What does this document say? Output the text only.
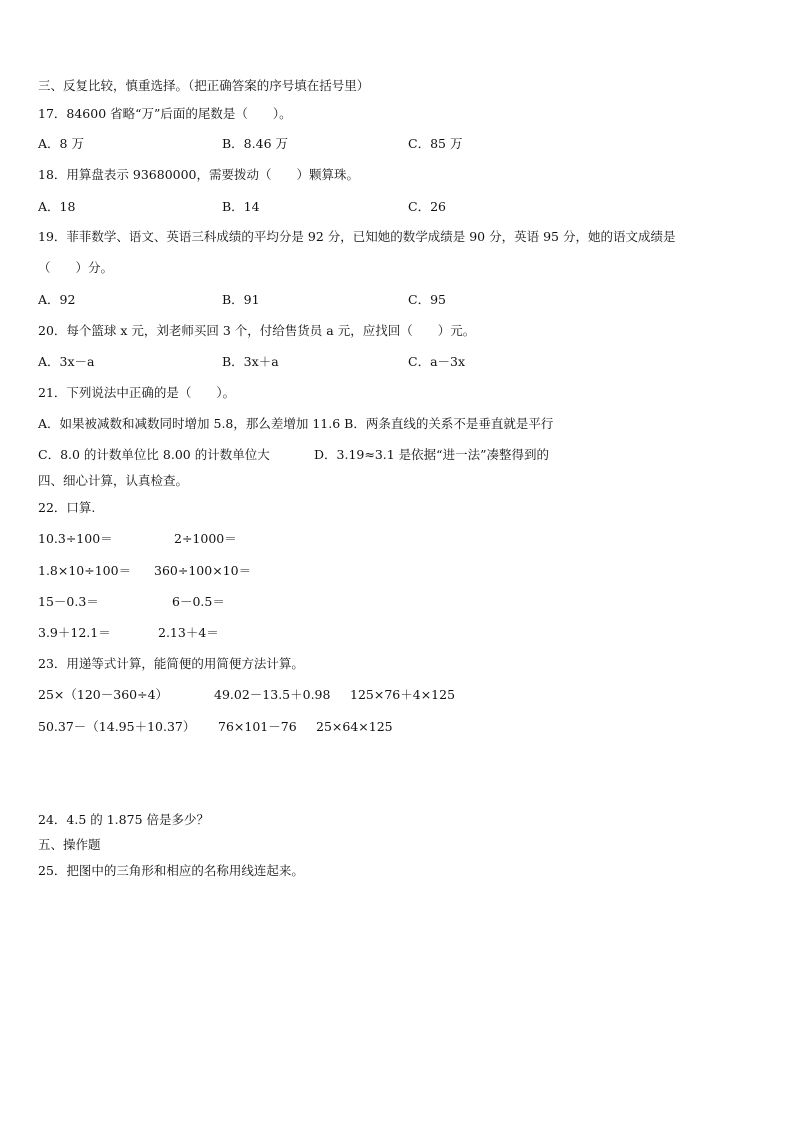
三、反复比较，慎重选择。（把正确答案的序号填在括号里）
17．84600 省略“万”后面的尾数是（　　）。
A．8 万	B．8.46 万	C．85 万
18．用算盘表示 93680000，需要拨动（　　）颗算珠。
A．18	B．14	C．26
19．菲菲数学、语文、英语三科成绩的平均分是 92 分，已知她的数学成绩是 90 分，英语 95 分，她的语文成绩是
（　　）分。
A．92	B．91	C．95
20．每个篮球 x 元，刘老师买回 3 个，付给售货员 a 元，应找回（　　）元。
A．3x－a	B．3x＋a	C．a－3x
21．下列说法中正确的是（　　）。
A．如果被减数和减数同时增加 5.8，那么差增加 11.6 B．两条直线的关系不是垂直就是平行
C．8.0 的计数单位比 8.00 的计数单位大	D．3.19≈3.1 是依据“进一法”凑整得到的
四、细心计算，认真检查。
22．口算.
10.3÷100＝	2÷1000＝
1.8×10÷100＝ 360÷100×10＝
15－0.3＝	6－0.5＝
3.9＋12.1＝	2.13＋4＝
23．用递等式计算，能简便的用简便方法计算。
25×（120－360÷4）	49.02－13.5＋0.98 125×76＋4×125
50.37－（14.95＋10.37） 76×101－76 25×64×125
24．4.5 的 1.875 倍是多少？
五、操作题
25．把图中的三角形和相应的名称用线连起来。
